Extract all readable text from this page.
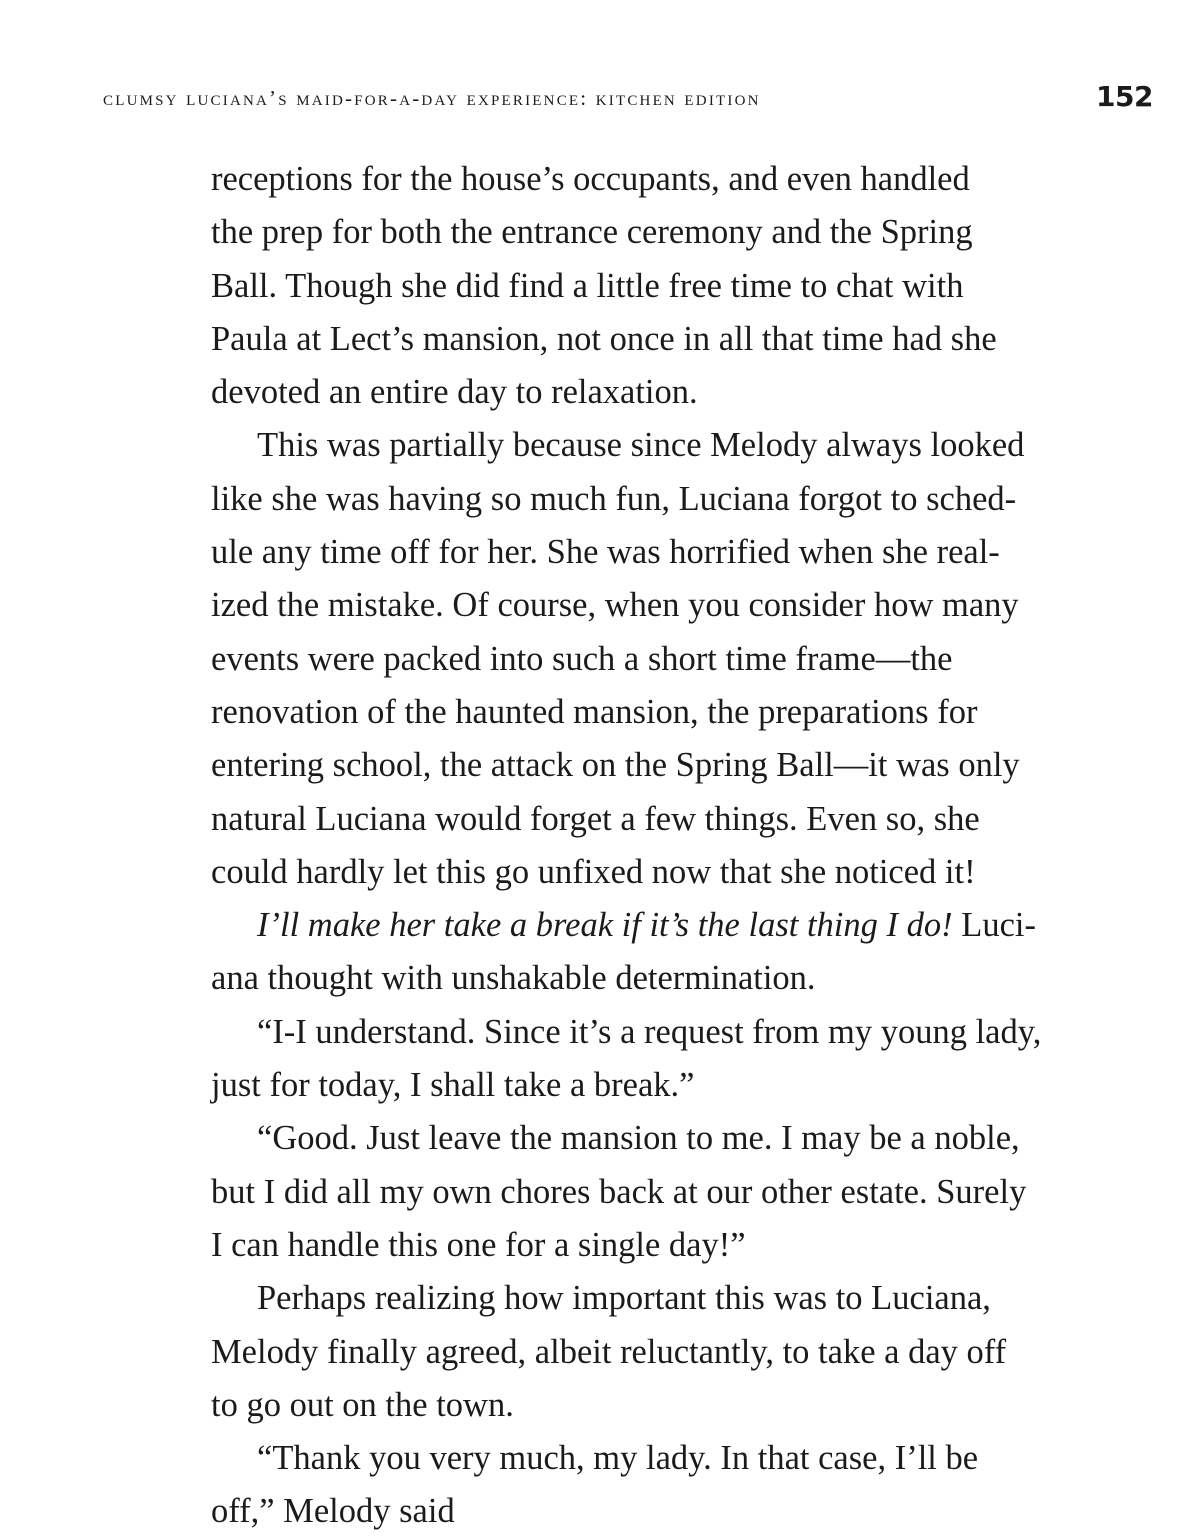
clumsy luciana’s maid-for-a-day experience: kitchen edition	152
receptions for the house’s occupants, and even handled
the prep for both the entrance ceremony and the Spring
Ball. Though she did find a little free time to chat with
Paula at Lect’s mansion, not once in all that time had she
devoted an entire day to relaxation.
This was partially because since Melody always looked
like she was having so much fun, Luciana forgot to sched-
ule any time off for her. She was horrified when she real-
ized the mistake. Of course, when you consider how many
events were packed into such a short time frame—the
renovation of the haunted mansion, the preparations for
entering school, the attack on the Spring Ball—it was only
natural Luciana would forget a few things. Even so, she
could hardly let this go unfixed now that she noticed it!
I’ll make her take a break if it’s the last thing I do! Luci-
ana thought with unshakable determination.
“I-I understand. Since it’s a request from my young lady,
just for today, I shall take a break.”
“Good. Just leave the mansion to me. I may be a noble,
but I did all my own chores back at our other estate. Surely
I can handle this one for a single day!”
Perhaps realizing how important this was to Luciana,
Melody finally agreed, albeit reluctantly, to take a day off
to go out on the town.
“Thank you very much, my lady. In that case, I’ll be
off,” Melody said
